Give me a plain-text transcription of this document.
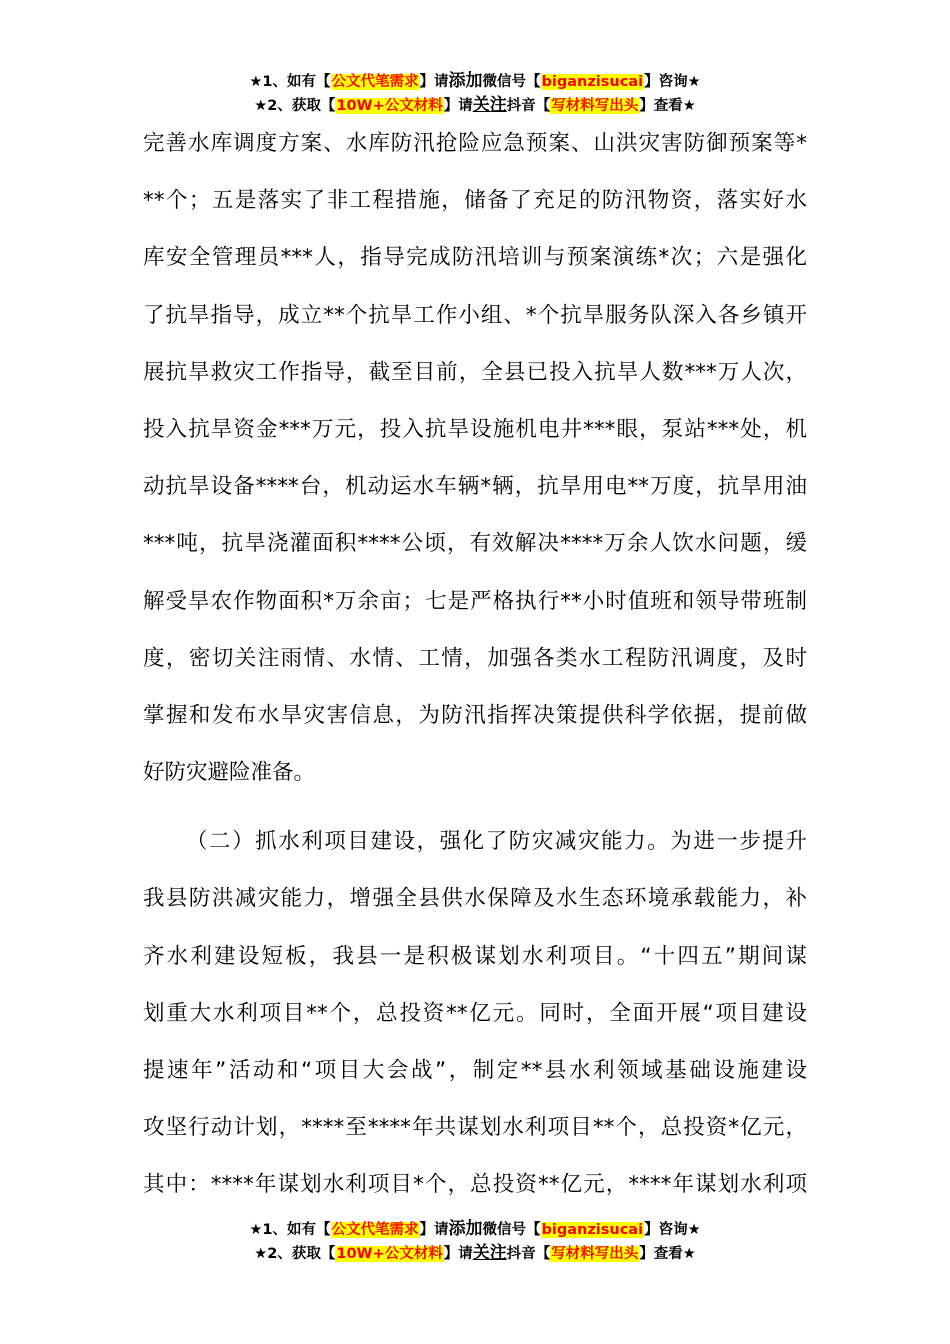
★1、如有【公文代笔需求】请添加微信号【biganzisucai】咨询★
★2、获取【10W+公文材料】请关注抖音【写材料写出头】查看★
完善水库调度方案、水库防汛抢险应急预案、山洪灾害防御预案等*
**个；五是落实了非工程措施，储备了充足的防汛物资，落实好水
库安全管理员***人，指导完成防汛培训与预案演练*次；六是强化
了抗旱指导，成立**个抗旱工作小组、*个抗旱服务队深入各乡镇开
展抗旱救灾工作指导，截至目前，全县已投入抗旱人数***万人次，
投入抗旱资金***万元，投入抗旱设施机电井***眼，泵站***处，机
动抗旱设备****台，机动运水车辆*辆，抗旱用电**万度，抗旱用油
***吨，抗旱浇灌面积****公顷，有效解决****万余人饮水问题，缓
解受旱农作物面积*万余亩；七是严格执行**小时值班和领导带班制
度，密切关注雨情、水情、工情，加强各类水工程防汛调度，及时
掌握和发布水旱灾害信息，为防汛指挥决策提供科学依据，提前做
好防灾避险准备。
（二）抓水利项目建设，强化了防灾减灾能力。为进一步提升
我县防洪减灾能力，增强全县供水保障及水生态环境承载能力，补
齐水利建设短板，我县一是积极谋划水利项目。“十四五”期间谋
划重大水利项目**个，总投资**亿元。同时，全面开展“项目建设
提速年”活动和“项目大会战”，制定**县水利领域基础设施建设
攻坚行动计划，****至****年共谋划水利项目**个，总投资*亿元，
其中：****年谋划水利项目*个，总投资**亿元，****年谋划水利项
★1、如有【公文代笔需求】请添加微信号【biganzisucai】咨询★
★2、获取【10W+公文材料】请关注抖音【写材料写出头】查看★
